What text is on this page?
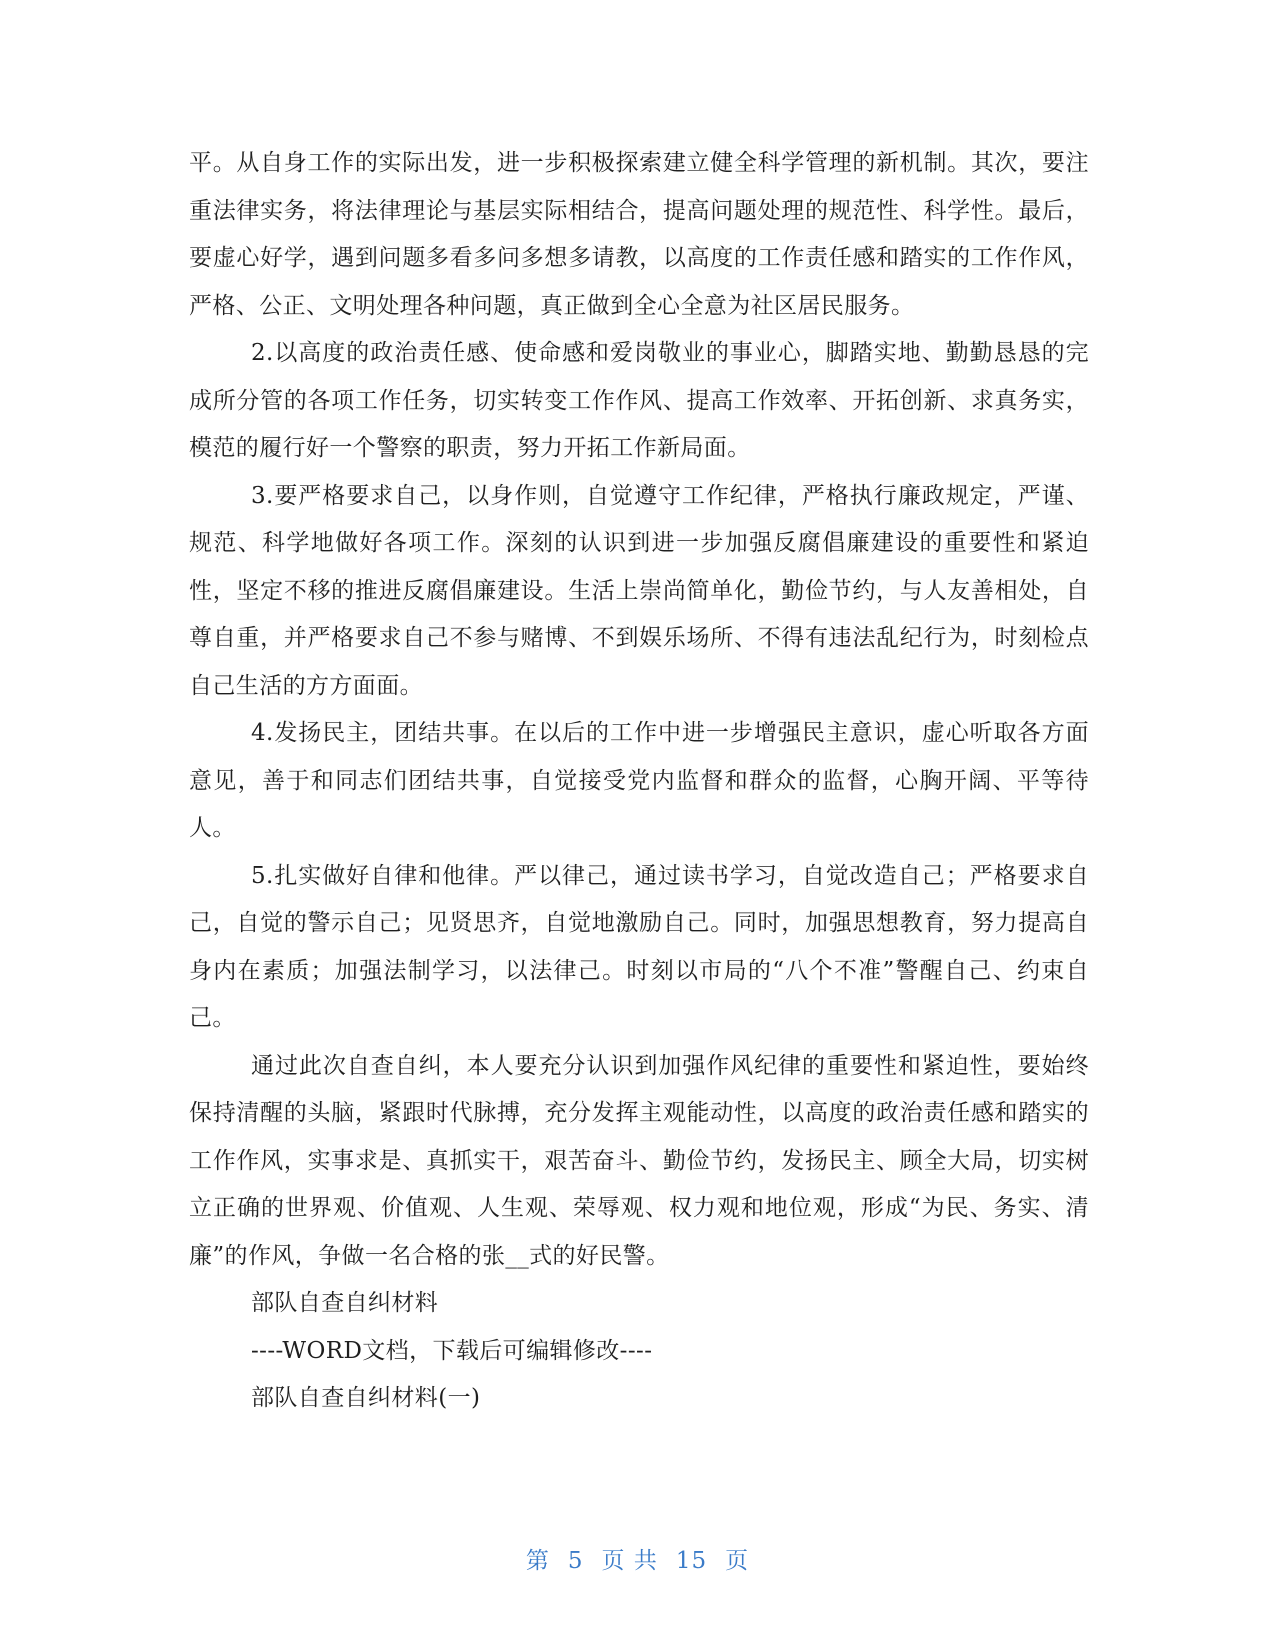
平。从自身工作的实际出发，进一步积极探索建立健全科学管理的新机制。其次，要注重法律实务，将法律理论与基层实际相结合，提高问题处理的规范性、科学性。最后，要虚心好学，遇到问题多看多问多想多请教，以高度的工作责任感和踏实的工作作风，严格、公正、文明处理各种问题，真正做到全心全意为社区居民服务。

2.以高度的政治责任感、使命感和爱岗敬业的事业心，脚踏实地、勤勤恳恳的完成所分管的各项工作任务，切实转变工作作风、提高工作效率、开拓创新、求真务实，模范的履行好一个警察的职责，努力开拓工作新局面。

3.要严格要求自己，以身作则，自觉遵守工作纪律，严格执行廉政规定，严谨、规范、科学地做好各项工作。深刻的认识到进一步加强反腐倡廉建设的重要性和紧迫性，坚定不移的推进反腐倡廉建设。生活上崇尚简单化，勤俭节约，与人友善相处，自尊自重，并严格要求自己不参与赌博、不到娱乐场所、不得有违法乱纪行为，时刻检点自己生活的方方面面。

4.发扬民主，团结共事。在以后的工作中进一步增强民主意识，虚心听取各方面意见，善于和同志们团结共事，自觉接受党内监督和群众的监督，心胸开阔、平等待人。

5.扎实做好自律和他律。严以律己，通过读书学习，自觉改造自己；严格要求自己，自觉的警示自己；见贤思齐，自觉地激励自己。同时，加强思想教育，努力提高自身内在素质；加强法制学习，以法律己。时刻以市局的“八个不准”警醒自己、约束自己。

通过此次自查自纠，本人要充分认识到加强作风纪律的重要性和紧迫性，要始终保持清醒的头脑，紧跟时代脉搏，充分发挥主观能动性，以高度的政治责任感和踏实的工作作风，实事求是、真抓实干，艰苦奋斗、勤俭节约，发扬民主、顾全大局，切实树立正确的世界观、价值观、人生观、荣辱观、权力观和地位观，形成“为民、务实、清廉”的作风，争做一名合格的张__式的好民警。

部队自查自纠材料

----WORD文档，下载后可编辑修改----

部队自查自纠材料(一)

第 5 页 共 15 页
